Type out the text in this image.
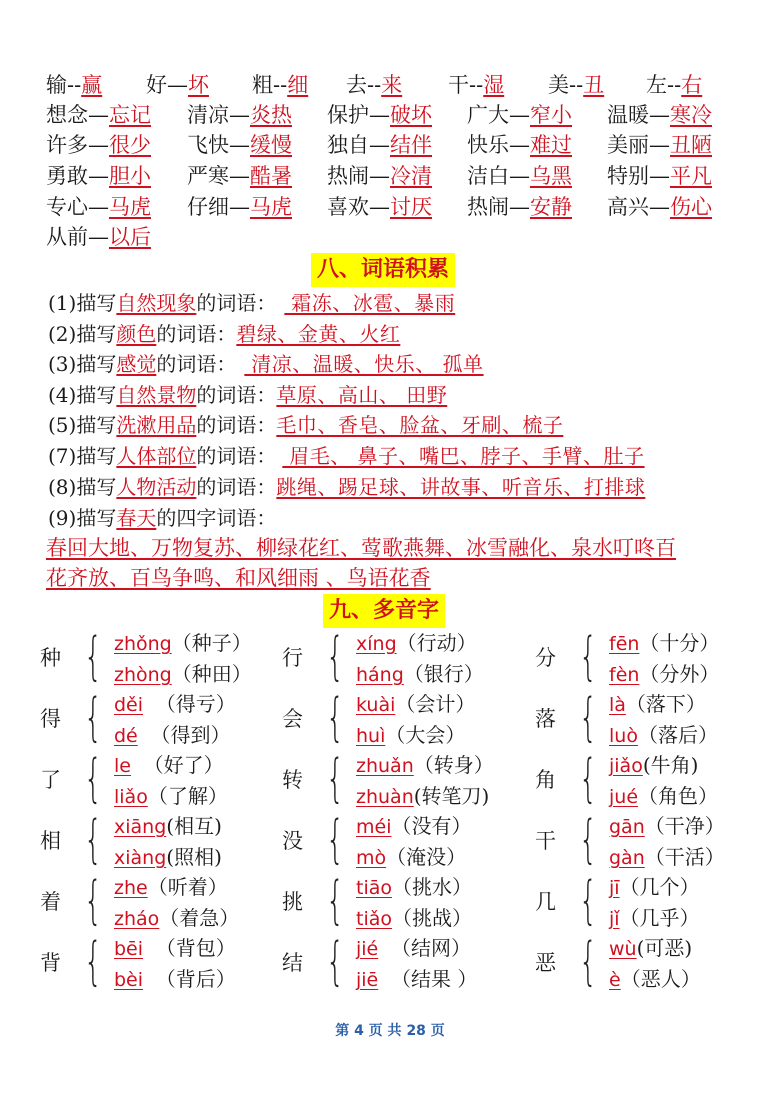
输--赢 好—坏 粗--细 去--来 干--湿 美--丑 左--右
想念—忘记 清凉—炎热 保护—破坏 广大—窄小 温暖—寒冷
许多—很少 飞快—缓慢 独自—结伴 快乐—难过 美丽—丑陋
勇敢—胆小 严寒—酷暑 热闹—冷清 洁白—乌黑 特别—平凡
专心—马虎 仔细—马虎 喜欢—讨厌 热闹—安静 高兴—伤心
从前—以后
八、词语积累
(1)描写自然现象的词语： 霜冻、冰雹、暴雨
(2)描写颜色的词语：碧绿、金黄、火红
(3)描写感觉的词语： 清凉、温暖、快乐、 孤单
(4)描写自然景物的词语：草原、高山、 田野
(5)描写洗漱用品的词语：毛巾、香皂、脸盆、牙刷、梳子
(7)描写人体部位的词语： 眉毛、 鼻子、嘴巴、脖子、手臂、肚子
(8)描写人物活动的词语：跳绳、踢足球、讲故事、听音乐、打排球
(9)描写春天的四字词语：
春回大地、万物复苏、柳绿花红、莺歌燕舞、冰雪融化、泉水叮咚百
花齐放、百鸟争鸣、和风细雨 、鸟语花香
九、多音字
种 { zhǒng（种子）
zhòng（种田）
行 { xíng（行动）
háng（银行）
分 { fēn（十分）
fèn（分外）
得 { děi  （得亏）
dé  （得到）
会 { kuài（会计）
huì（大会）
落 { là（落下）
luò（落后）
了 { le  （好了）
liǎo（了解）
转 { zhuǎn（转身）
zhuàn(转笔刀)
角 { jiǎo(牛角)
jué（角色）
相 { xiāng(相互)
xiàng(照相)
没 { méi（没有）
mò（淹没）
干 { gān（干净）
gàn（干活）
着 { zhe（听着）
zháo（着急）
挑 { tiāo（挑水）
tiǎo（挑战）
几 { jī（几个）
jǐ（几乎）
背 { bēi  （背包）
bèi  （背后）
结 { jié  （结网）
jiē  （结果 ）
恶 { wù(可恶)
è（恶人）
第 4 页 共 28 页
